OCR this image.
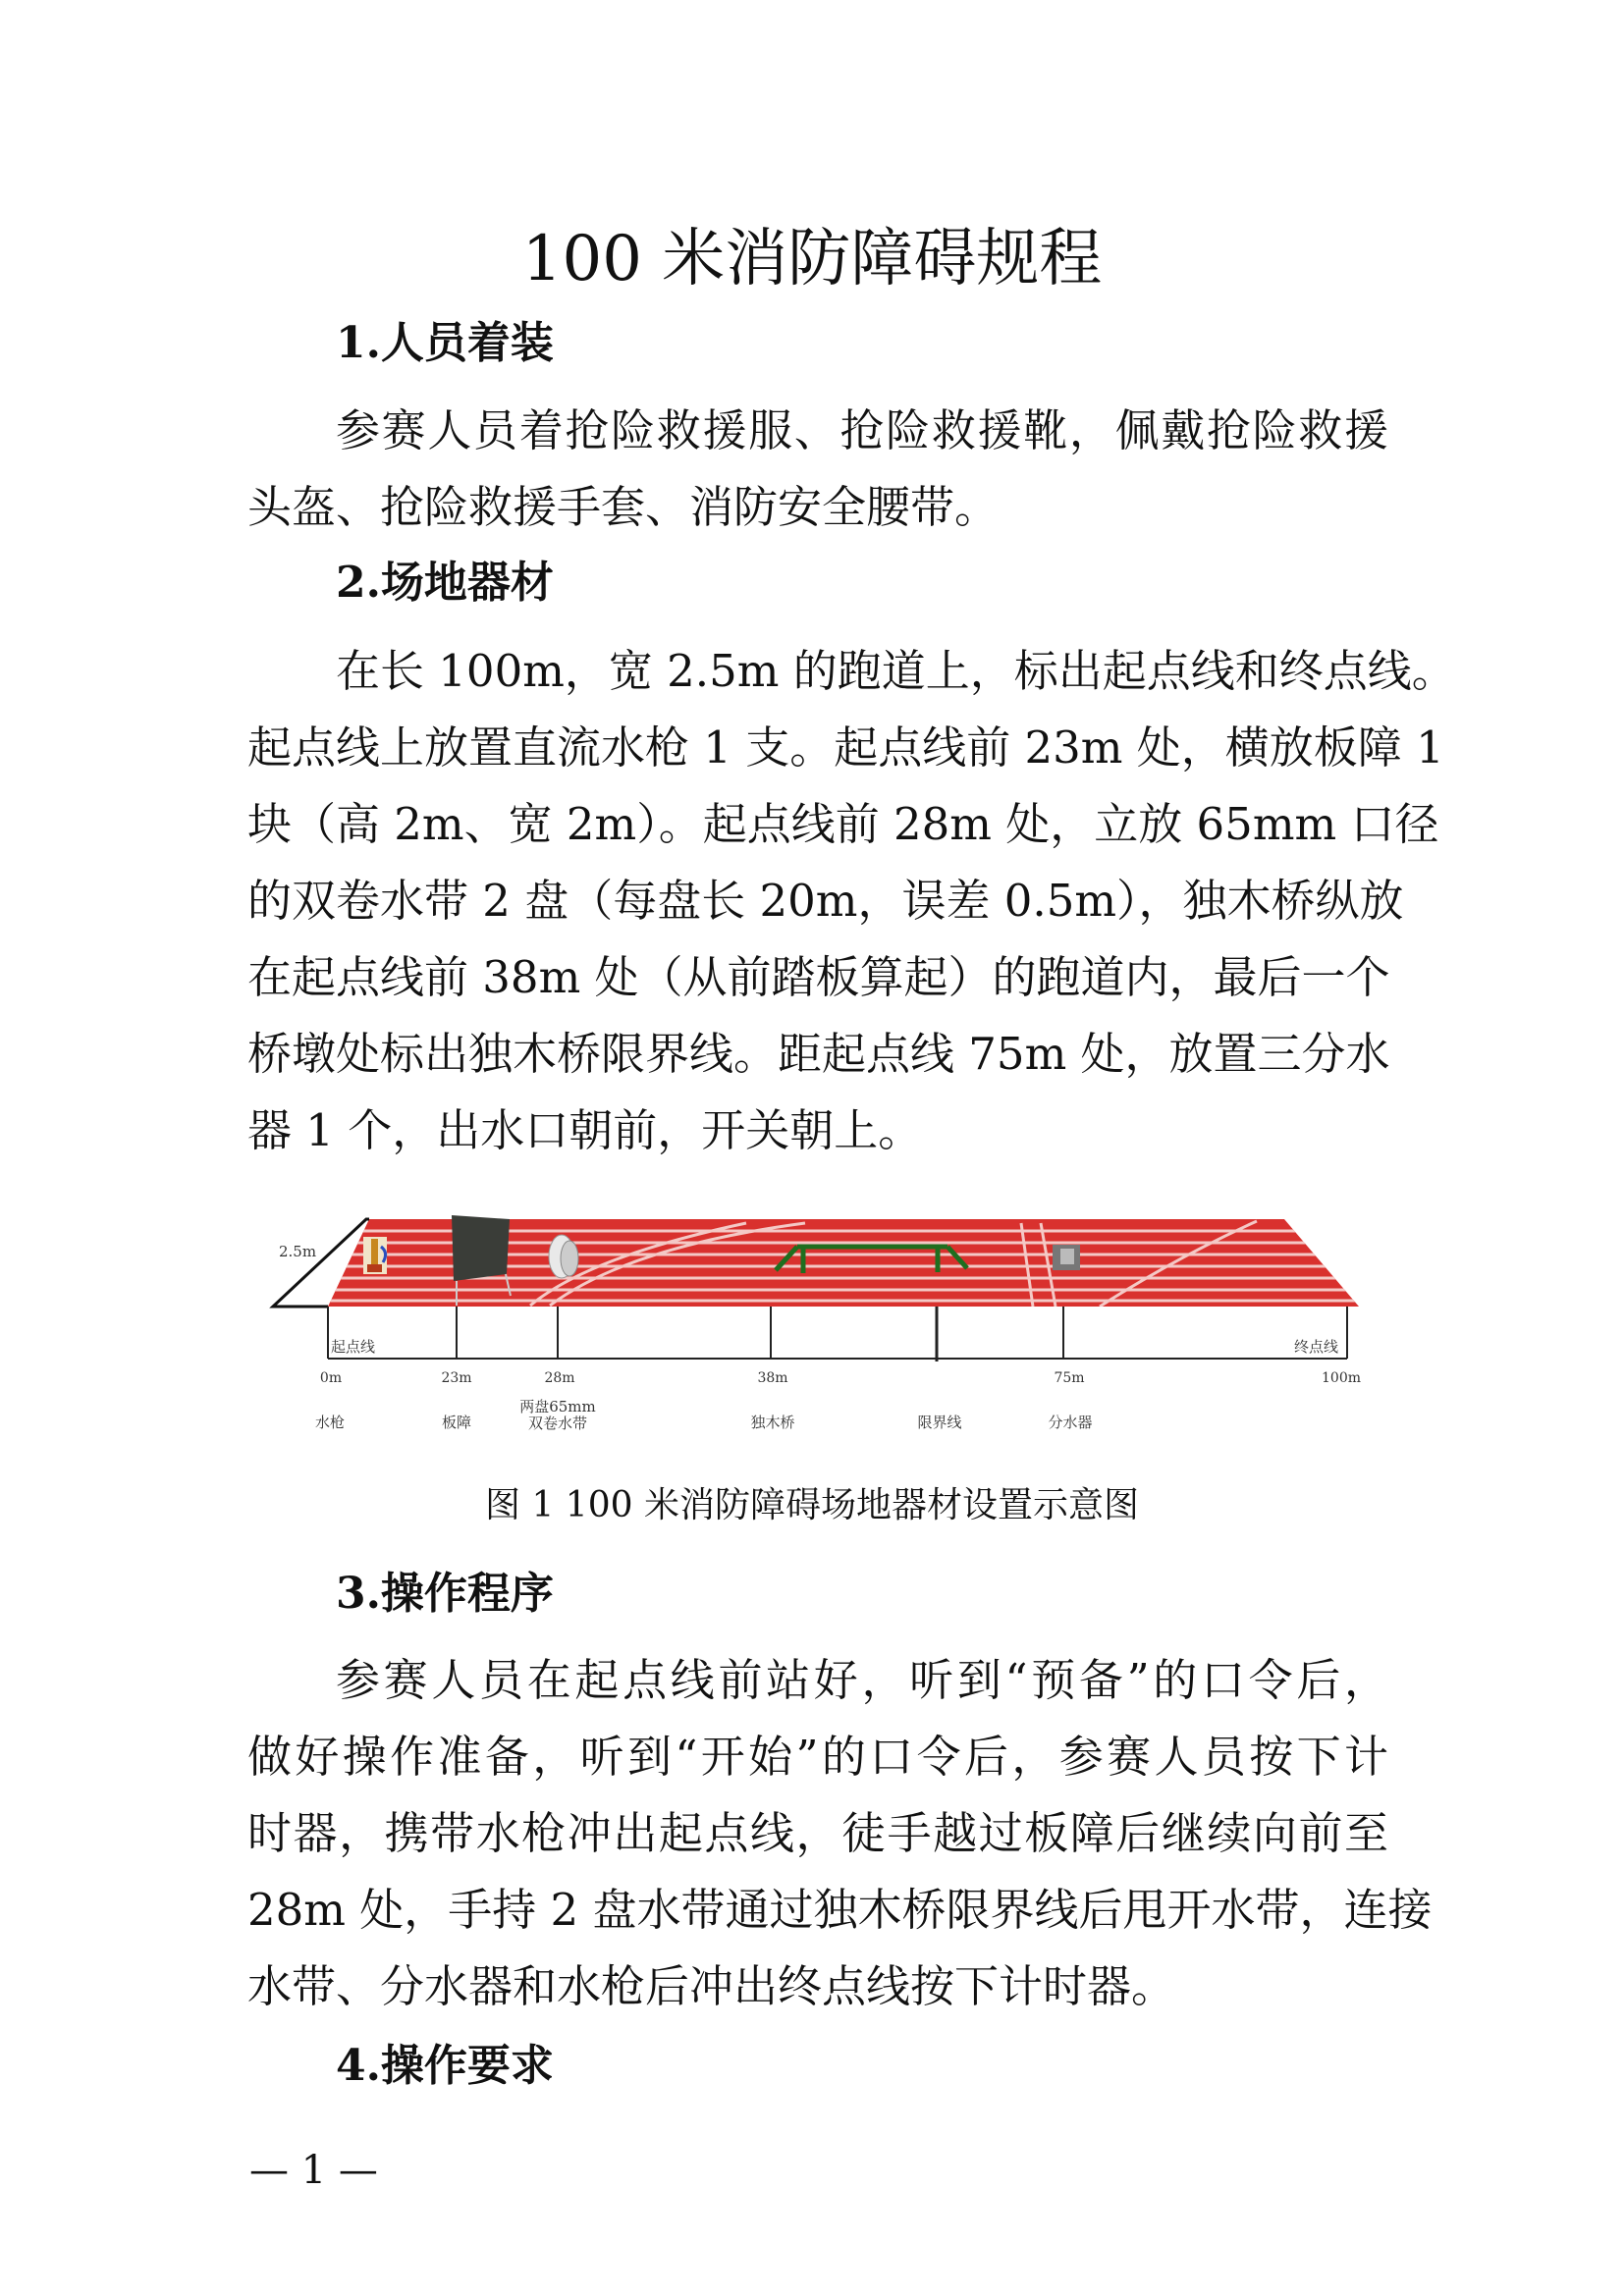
100 米消防障碍规程
1.人员着装
参赛人员着抢险救援服、抢险救援靴，佩戴抢险救援
头盔、抢险救援手套、消防安全腰带。
2.场地器材
在长 100m，宽 2.5m 的跑道上，标出起点线和终点线。
起点线上放置直流水枪 1 支。起点线前 23m 处，横放板障 1
块（高 2m、宽 2m）。起点线前 28m 处，立放 65mm 口径
的双卷水带 2 盘（每盘长 20m，误差 0.5m），独木桥纵放
在起点线前 38m 处（从前踏板算起）的跑道内，最后一个
桥墩处标出独木桥限界线。距起点线 75m 处，放置三分水
器 1 个，出水口朝前，开关朝上。
2.5m
起点线	终点线
0m	23m	28m	38m	75m	100m
水枪	板障
两盘65mm
双卷水带	独木桥	限界线	分水器
图 1 100 米消防障碍场地器材设置示意图
3.操作程序
参赛人员在起点线前站好，听到“预备”的口令后，
做好操作准备，听到“开始”的口令后，参赛人员按下计
时器，携带水枪冲出起点线，徒手越过板障后继续向前至
28m 处，手持 2 盘水带通过独木桥限界线后甩开水带，连接
水带、分水器和水枪后冲出终点线按下计时器。
4.操作要求
— 1 —
